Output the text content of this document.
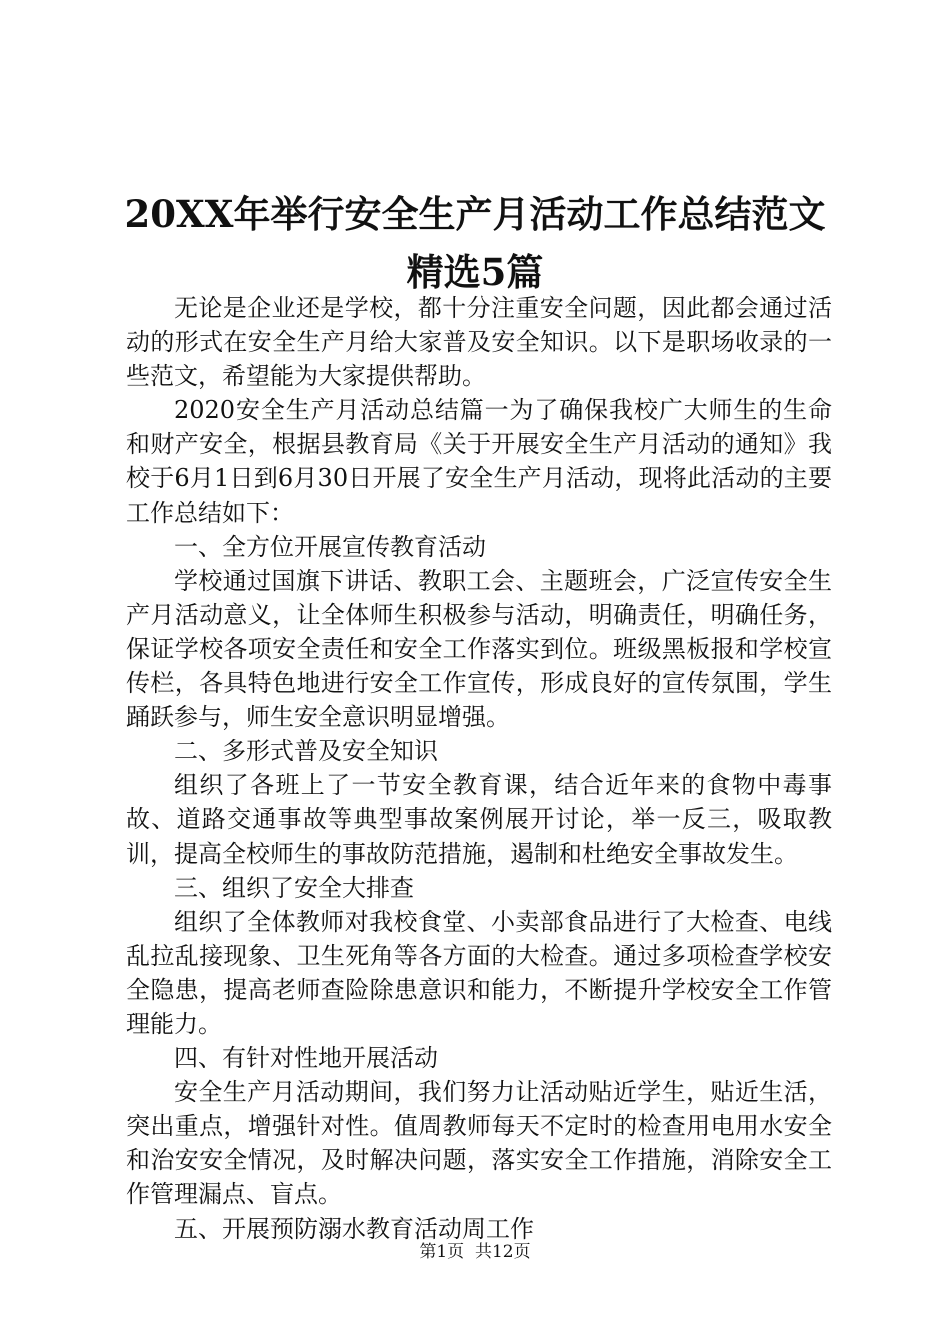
20XX年举行安全生产月活动工作总结范文精选5篇

无论是企业还是学校，都十分注重安全问题，因此都会通过活动的形式在安全生产月给大家普及安全知识。以下是职场收录的一些范文，希望能为大家提供帮助。

2020安全生产月活动总结篇一为了确保我校广大师生的生命和财产安全，根据县教育局《关于开展安全生产月活动的通知》我校于6月1日到6月30日开展了安全生产月活动，现将此活动的主要工作总结如下：

一、全方位开展宣传教育活动

学校通过国旗下讲话、教职工会、主题班会，广泛宣传安全生产月活动意义，让全体师生积极参与活动，明确责任，明确任务，保证学校各项安全责任和安全工作落实到位。班级黑板报和学校宣传栏，各具特色地进行安全工作宣传，形成良好的宣传氛围，学生踊跃参与，师生安全意识明显增强。

二、多形式普及安全知识

组织了各班上了一节安全教育课，结合近年来的食物中毒事故、道路交通事故等典型事故案例展开讨论，举一反三，吸取教训，提高全校师生的事故防范措施，遏制和杜绝安全事故发生。

三、组织了安全大排查

组织了全体教师对我校食堂、小卖部食品进行了大检查、电线乱拉乱接现象、卫生死角等各方面的大检查。通过多项检查学校安全隐患，提高老师查险除患意识和能力，不断提升学校安全工作管理能力。

四、有针对性地开展活动

安全生产月活动期间，我们努力让活动贴近学生，贴近生活，突出重点，增强针对性。值周教师每天不定时的检查用电用水安全和治安安全情况，及时解决问题，落实安全工作措施，消除安全工作管理漏点、盲点。

五、开展预防溺水教育活动周工作

第1页  共12页
